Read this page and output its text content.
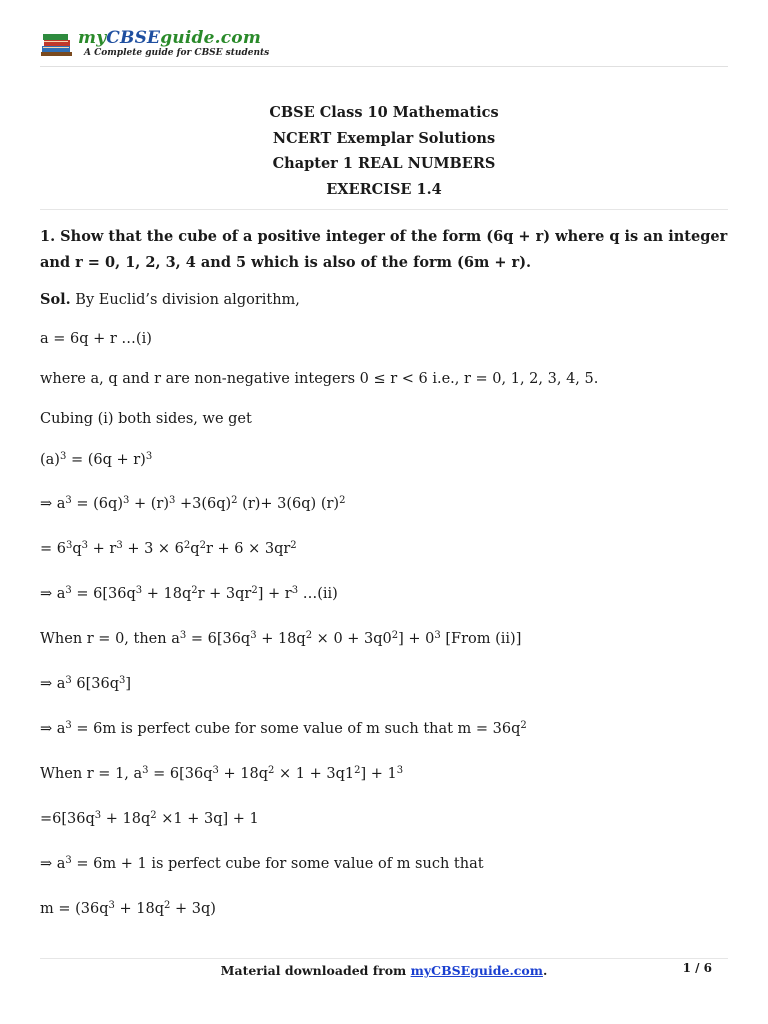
myCBSEguide.com
A Complete guide for CBSE students
CBSE Class 10 Mathematics
NCERT Exemplar Solutions
Chapter 1 REAL NUMBERS
EXERCISE 1.4

1. Show that the cube of a positive integer of the form (6q + r) where q is an integer and r = 0, 1, 2, 3, 4 and 5 which is also of the form (6m + r).

Sol. By Euclid’s division algorithm,

a = 6q + r …(i)

where a, q and r are non-negative integers 0 ≤ r < 6 i.e., r = 0, 1, 2, 3, 4, 5.

Cubing (i) both sides, we get

$(a)^3 = (6q + r)^3$

⇒ $a^3 = (6q)^3 + (r)^3 +3(6q)^2$ (r)+ 3(6q) $(r)^2$

= $6^3q^3 + r^3 + 3 \times 6^2q^2r + 6 \times 3qr^2$

⇒ $a^3 = 6[36q^3 + 18q^2r + 3qr^2] + r^3$ …(ii)

When r = 0, then $a^3 = 6[36q^3 + 18q^2 \times 0 + 3q0^2] + 0^3$ [From (ii)]

⇒ $a^3$ $6[36q^3]$

⇒ $a^3 = 6m$ is perfect cube for some value of m such that $m = 36q^2$

When r = 1, $a^3 = 6[36q^3 + 18q^2 \times 1 + 3q1^2] + 1^3$

$=6[36q^3 + 18q^2 \times 1 + 3q] + 1$

⇒ $a^3 = 6m + 1$ is perfect cube for some value of m such that

$m = (36q^3 + 18q^2 + 3q)$

Material downloaded from myCBSEguide.com.	1 / 6
